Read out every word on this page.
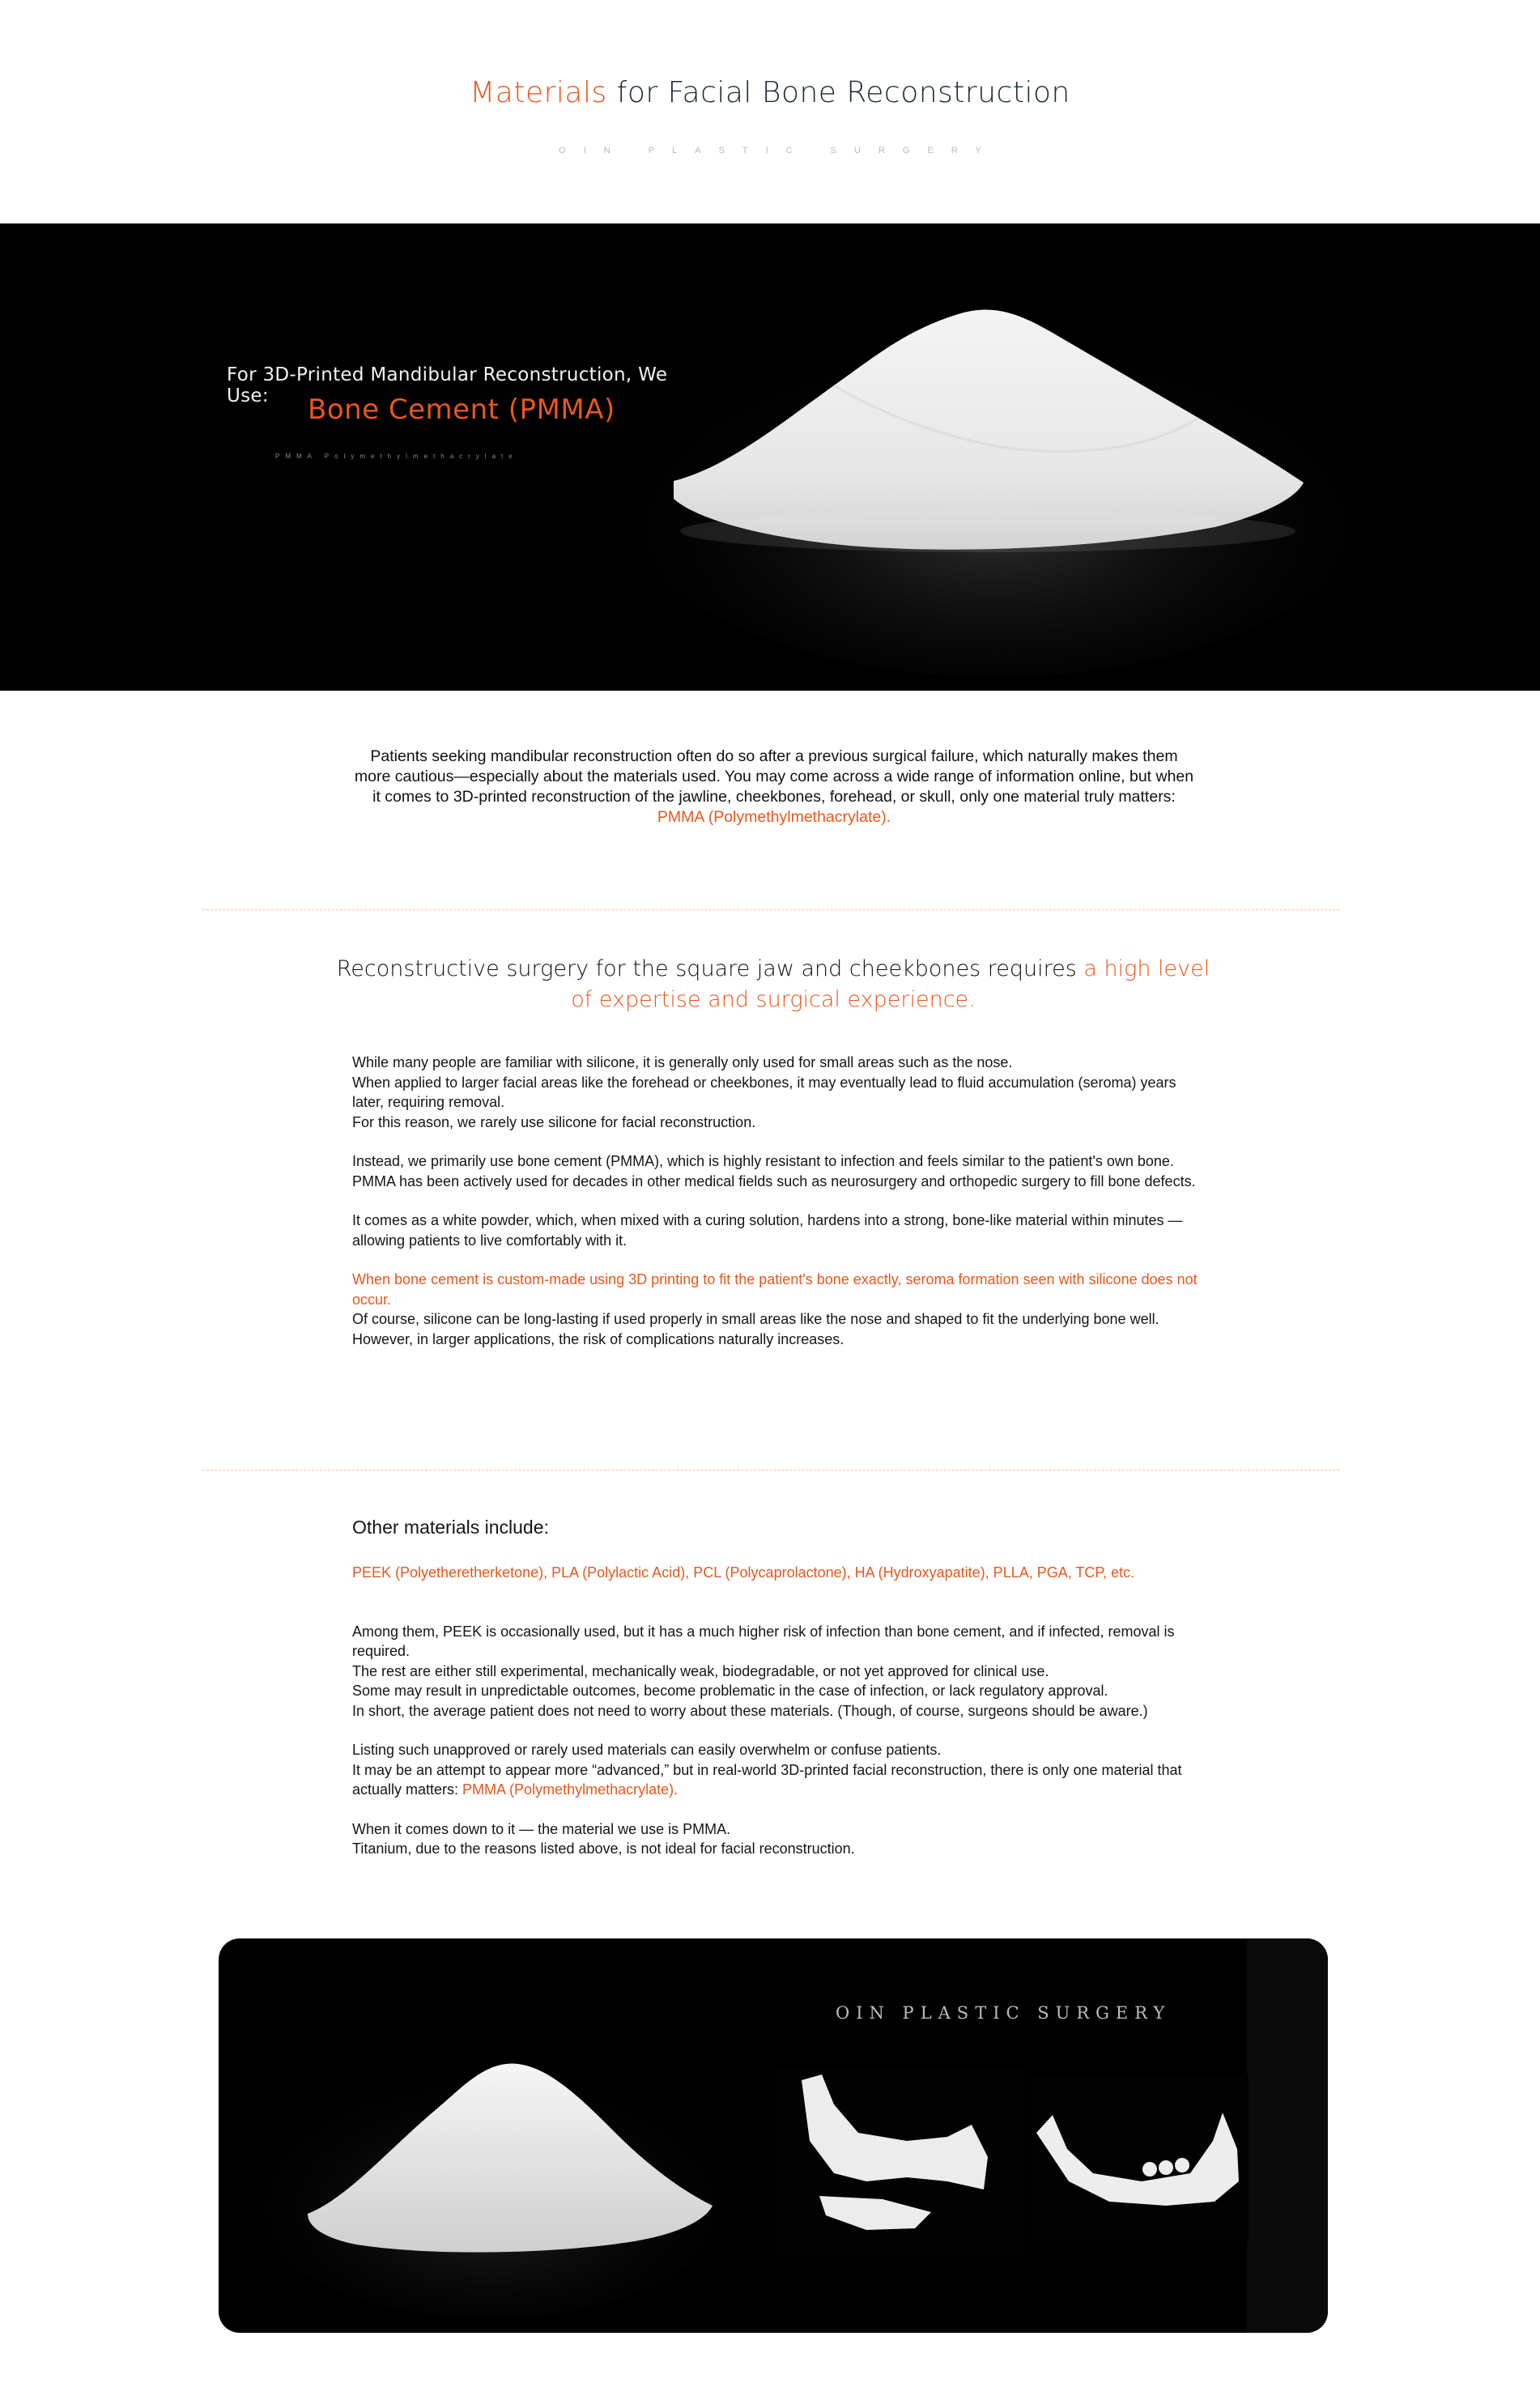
Materials for Facial Bone Reconstruction
OIN PLASTIC SURGERY
For 3D-Printed Mandibular Reconstruction, We Use:	Bone Cement (PMMA)
PMMA Polymethylmethacrylate
Patients seeking mandibular reconstruction often do so after a previous surgical failure, which naturally makes them more cautious—especially about the materials used. You may come across a wide range of information online, but when it comes to 3D-printed reconstruction of the jawline, cheekbones, forehead, or skull, only one material truly matters: PMMA (Polymethylmethacrylate).
Reconstructive surgery for the square jaw and cheekbones requires a high level of expertise and surgical experience.

While many people are familiar with silicone, it is generally only used for small areas such as the nose.

When applied to larger facial areas like the forehead or cheekbones, it may eventually lead to fluid accumulation (seroma) years later, requiring removal.

For this reason, we rarely use silicone for facial reconstruction.

Instead, we primarily use bone cement (PMMA), which is highly resistant to infection and feels similar to the patient's own bone.

PMMA has been actively used for decades in other medical fields such as neurosurgery and orthopedic surgery to fill bone defects.

It comes as a white powder, which, when mixed with a curing solution, hardens into a strong, bone-like material within minutes — allowing patients to live comfortably with it.

When bone cement is custom-made using 3D printing to fit the patient's bone exactly, seroma formation seen with silicone does not occur.

Of course, silicone can be long-lasting if used properly in small areas like the nose and shaped to fit the underlying bone well.

However, in larger applications, the risk of complications naturally increases.

Other materials include:

PEEK (Polyetheretherketone), PLA (Polylactic Acid), PCL (Polycaprolactone), HA (Hydroxyapatite), PLLA, PGA, TCP, etc.

Among them, PEEK is occasionally used, but it has a much higher risk of infection than bone cement, and if infected, removal is required.

The rest are either still experimental, mechanically weak, biodegradable, or not yet approved for clinical use.

Some may result in unpredictable outcomes, become problematic in the case of infection, or lack regulatory approval.

In short, the average patient does not need to worry about these materials. (Though, of course, surgeons should be aware.)

Listing such unapproved or rarely used materials can easily overwhelm or confuse patients.

It may be an attempt to appear more “advanced,” but in real-world 3D-printed facial reconstruction, there is only one material that actually matters: PMMA (Polymethylmethacrylate).

When it comes down to it — the material we use is PMMA.

Titanium, due to the reasons listed above, is not ideal for facial reconstruction.

OIN PLASTIC SURGERY
